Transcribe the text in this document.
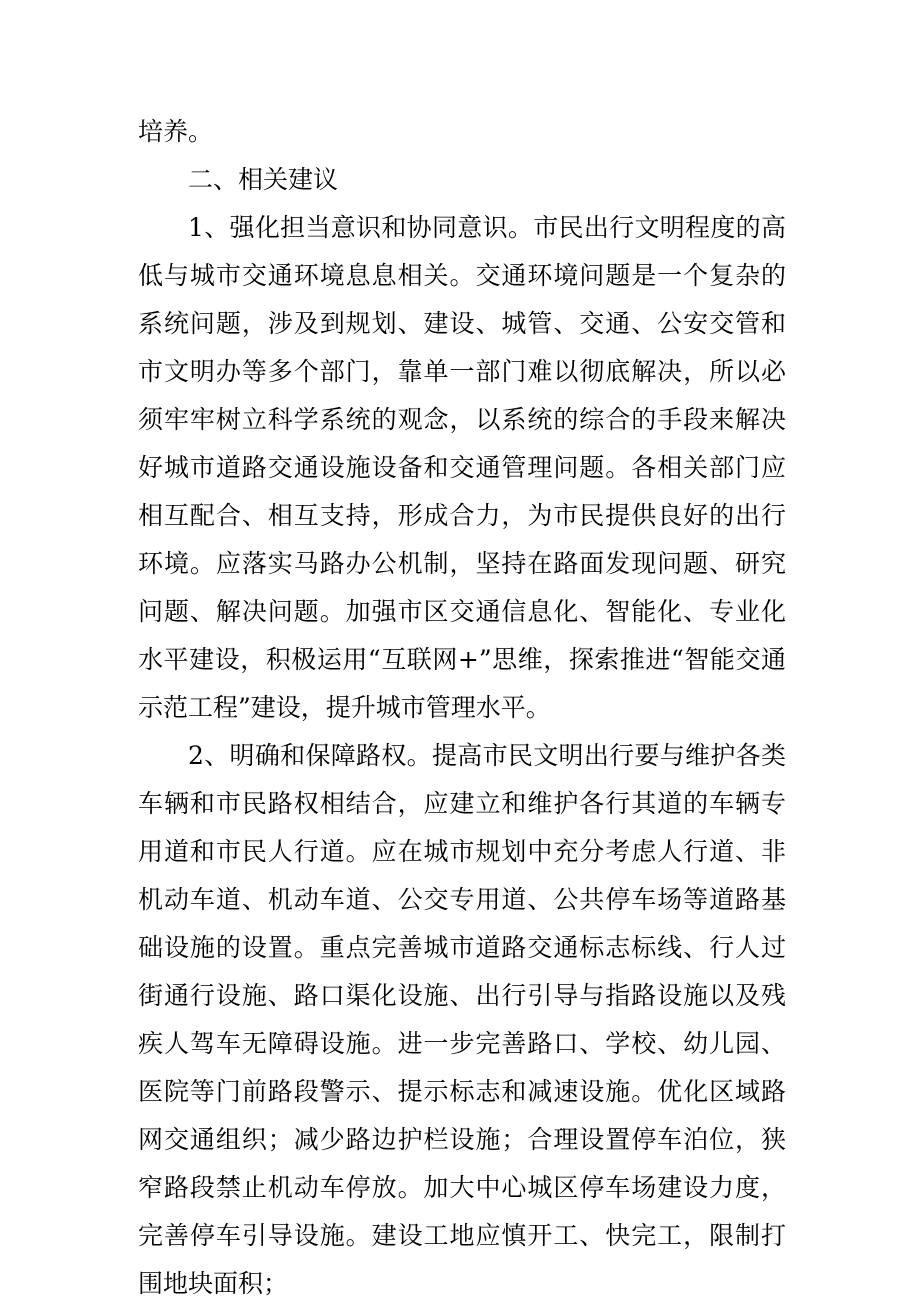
培养。

二、相关建议

1、强化担当意识和协同意识。市民出行文明程度的高低与城市交通环境息息相关。交通环境问题是一个复杂的系统问题，涉及到规划、建设、城管、交通、公安交管和市文明办等多个部门，靠单一部门难以彻底解决，所以必须牢牢树立科学系统的观念，以系统的综合的手段来解决好城市道路交通设施设备和交通管理问题。各相关部门应相互配合、相互支持，形成合力，为市民提供良好的出行环境。应落实马路办公机制，坚持在路面发现问题、研究问题、解决问题。加强市区交通信息化、智能化、专业化水平建设，积极运用“互联网+”思维，探索推进“智能交通示范工程”建设，提升城市管理水平。

2、明确和保障路权。提高市民文明出行要与维护各类车辆和市民路权相结合，应建立和维护各行其道的车辆专用道和市民人行道。应在城市规划中充分考虑人行道、非机动车道、机动车道、公交专用道、公共停车场等道路基础设施的设置。重点完善城市道路交通标志标线、行人过街通行设施、路口渠化设施、出行引导与指路设施以及残疾人驾车无障碍设施。进一步完善路口、学校、幼儿园、医院等门前路段警示、提示标志和减速设施。优化区域路网交通组织；减少路边护栏设施；合理设置停车泊位，狭窄路段禁止机动车停放。加大中心城区停车场建设力度，完善停车引导设施。建设工地应慎开工、快完工，限制打围地块面积；
